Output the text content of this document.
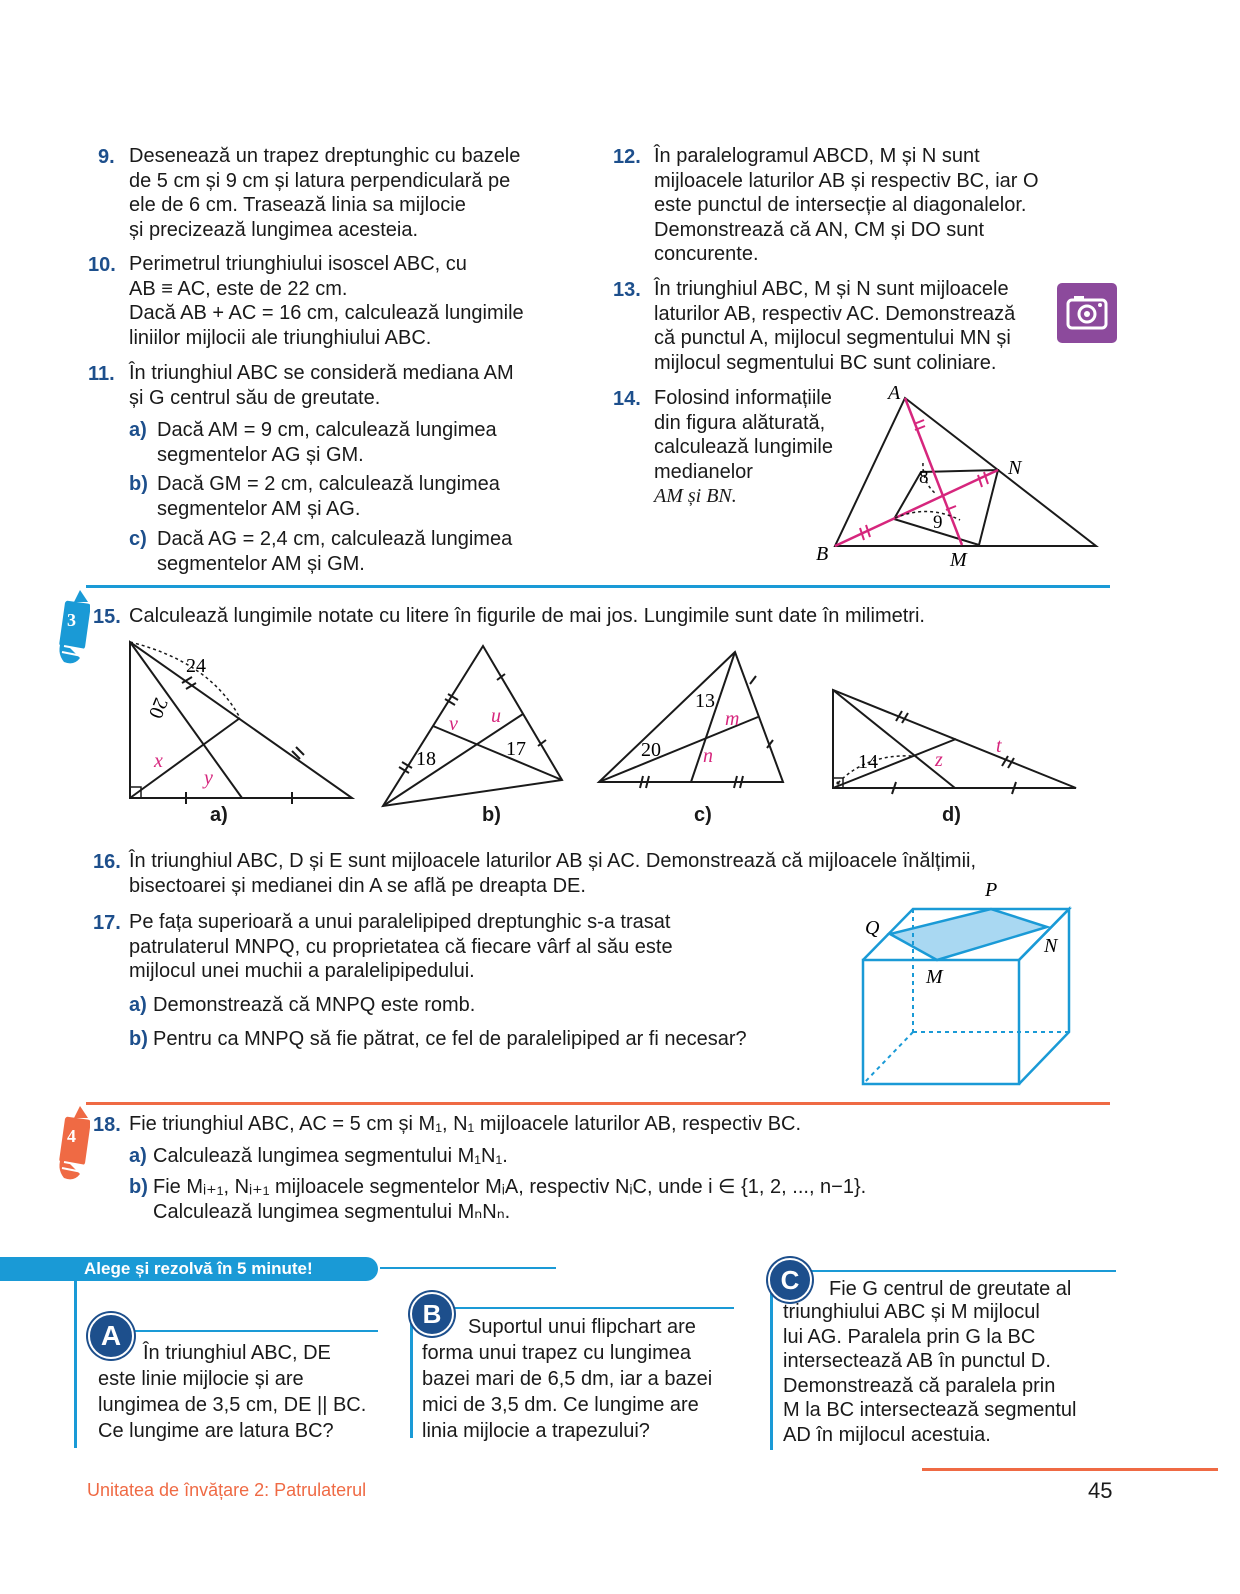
9. Desenează un trapez dreptunghic cu bazele
de 5 cm și 9 cm și latura perpendiculară pe
ele de 6 cm. Trasează linia sa mijlocie
și precizează lungimea acesteia.
10. Perimetrul triunghiului isoscel ABC, cu
AB ≡ AC, este de 22 cm.
Dacă AB + AC = 16 cm, calculează lungimile
liniilor mijlocii ale triunghiului ABC.
11. În triunghiul ABC se consideră mediana AM
și G centrul său de greutate.
a) Dacă AM = 9 cm, calculează lungimea
segmentelor AG și GM.
b) Dacă GM = 2 cm, calculează lungimea
segmentelor AM și AG.
c) Dacă AG = 2,4 cm, calculează lungimea
segmentelor AM și GM.
12. În paralelogramul ABCD, M și N sunt
mijloacele laturilor AB și respectiv BC, iar O
este punctul de intersecție al diagonalelor.
Demonstrează că AN, CM și DO sunt
concurente.
13. În triunghiul ABC, M și N sunt mijloacele
laturilor AB, respectiv AC. Demonstrează
că punctul A, mijlocul segmentului MN și
mijlocul segmentului BC sunt coliniare.
14. Folosind informațiile
din figura alăturată,
calculează lungimile
medianelor
AM și BN.
A
B	M
N
8
9
3 15. Calculează lungimile notate cu litere în figurile de mai jos. Lungimile sunt date în milimetri.
24
20
x
y
a)
18	17
v u
b)
13
20
m
n
c)
14	z
t
d)
16. În triunghiul ABC, D și E sunt mijloacele laturilor AB și AC. Demonstrează că mijloacele înălțimii,
bisectoarei și medianei din A se află pe dreapta DE.
17. Pe fața superioară a unui paralelipiped dreptunghic s-a trasat
patrulaterul MNPQ, cu proprietatea că fiecare vârf al său este
mijlocul unei muchii a paralelipipedului.
a) Demonstrează că MNPQ este romb.
b) Pentru ca MNPQ să fie pătrat, ce fel de paralelipiped ar fi necesar?
P
Q
N
M
4 18. Fie triunghiul ABC, AC = 5 cm și M₁, N₁ mijloacele laturilor AB, respectiv BC.
a) Calculează lungimea segmentului M₁N₁.
b) Fie Mᵢ₊₁, Nᵢ₊₁ mijloacele segmentelor MᵢA, respectiv NᵢC, unde i ∈ {1, 2, ..., n−1}.
Calculează lungimea segmentului MₙNₙ.
Alege și rezolvă în 5 minute!
A
În triunghiul ABC, DE
este linie mijlocie și are
lungimea de 3,5 cm, DE || BC.
Ce lungime are latura BC?
B	Suportul unui flipchart are
forma unui trapez cu lungimea
bazei mari de 6,5 dm, iar a bazei
mici de 3,5 dm. Ce lungime are
linia mijlocie a trapezului?
C	Fie G centrul de greutate al
triunghiului ABC și M mijlocul
lui AG. Paralela prin G la BC
intersectează AB în punctul D.
Demonstrează că paralela prin
M la BC intersectează segmentul
AD în mijlocul acestuia.
Unitatea de învățare 2: Patrulaterul	45
